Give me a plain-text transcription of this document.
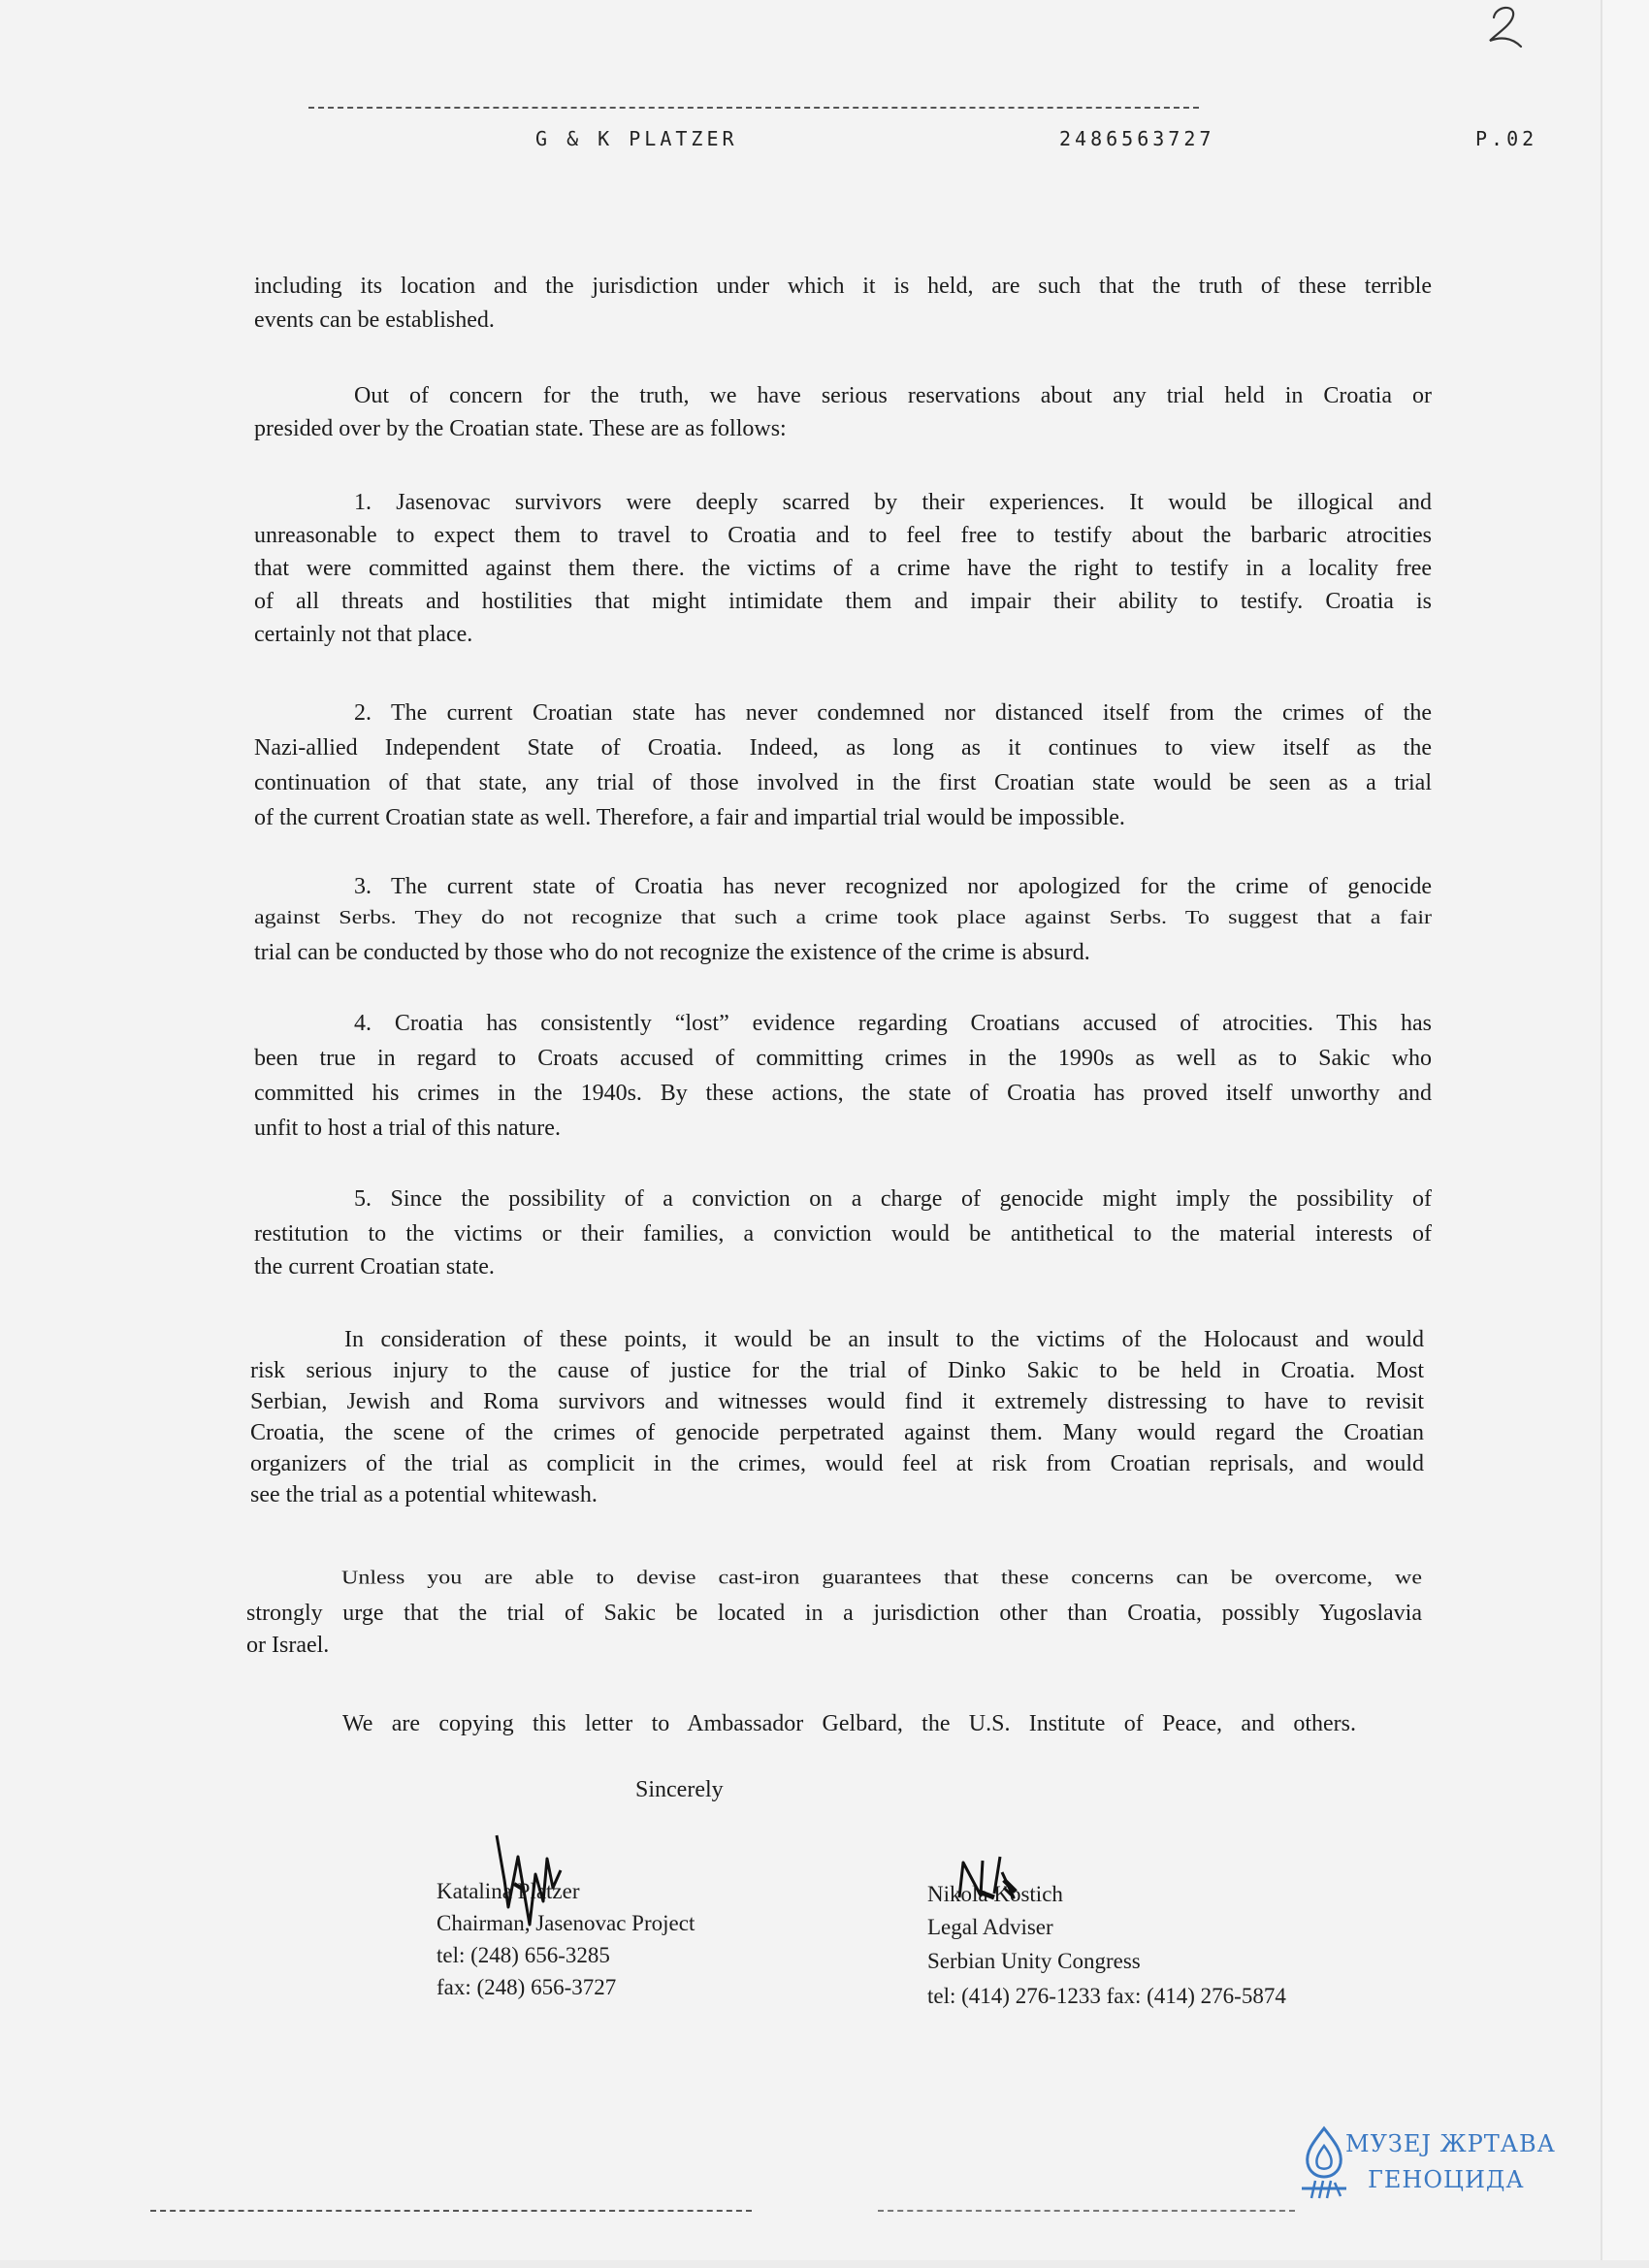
G & K PLATZER	2486563727	P.02
including its location and the jurisdiction under which it is held, are such that the truth of these terrible
events can be established.
Out of concern for the truth, we have serious reservations about any trial held in Croatia or
presided over by the Croatian state. These are as follows:
1. Jasenovac survivors were deeply scarred by their experiences. It would be illogical and
unreasonable to expect them to travel to Croatia and to feel free to testify about the barbaric atrocities
that were committed against them there. the victims of a crime have the right to testify in a locality free
of all threats and hostilities that might intimidate them and impair their ability to testify. Croatia is
certainly not that place.
2. The current Croatian state has never condemned nor distanced itself from the crimes of the
Nazi-allied Independent State of Croatia. Indeed, as long as it continues to view itself as the
continuation of that state, any trial of those involved in the first Croatian state would be seen as a trial
of the current Croatian state as well. Therefore, a fair and impartial trial would be impossible.
3. The current state of Croatia has never recognized nor apologized for the crime of genocide
against Serbs. They do not recognize that such a crime took place against Serbs. To suggest that a fair
trial can be conducted by those who do not recognize the existence of the crime is absurd.
4. Croatia has consistently “lost” evidence regarding Croatians accused of atrocities. This has
been true in regard to Croats accused of committing crimes in the 1990s as well as to Sakic who
committed his crimes in the 1940s. By these actions, the state of Croatia has proved itself unworthy and
unfit to host a trial of this nature.
5. Since the possibility of a conviction on a charge of genocide might imply the possibility of
restitution to the victims or their families, a conviction would be antithetical to the material interests of
the current Croatian state.
In consideration of these points, it would be an insult to the victims of the Holocaust and would
risk serious injury to the cause of justice for the trial of Dinko Sakic to be held in Croatia. Most
Serbian, Jewish and Roma survivors and witnesses would find it extremely distressing to have to revisit
Croatia, the scene of the crimes of genocide perpetrated against them. Many would regard the Croatian
organizers of the trial as complicit in the crimes, would feel at risk from Croatian reprisals, and would
see the trial as a potential whitewash.
Unless you are able to devise cast-iron guarantees that these concerns can be overcome, we
strongly urge that the trial of Sakic be located in a jurisdiction other than Croatia, possibly Yugoslavia
or Israel.
We are copying this letter to Ambassador Gelbard, the U.S. Institute of Peace, and others.
Sincerely
Katalina Platzer
Chairman, Jasenovac Project
tel: (248) 656-3285
fax: (248) 656-3727
Nikola Kostich
Legal Adviser
Serbian Unity Congress
tel: (414) 276-1233 fax: (414) 276-5874
МУЗЕЈ ЖРТАВА
ГЕНОЦИДА
